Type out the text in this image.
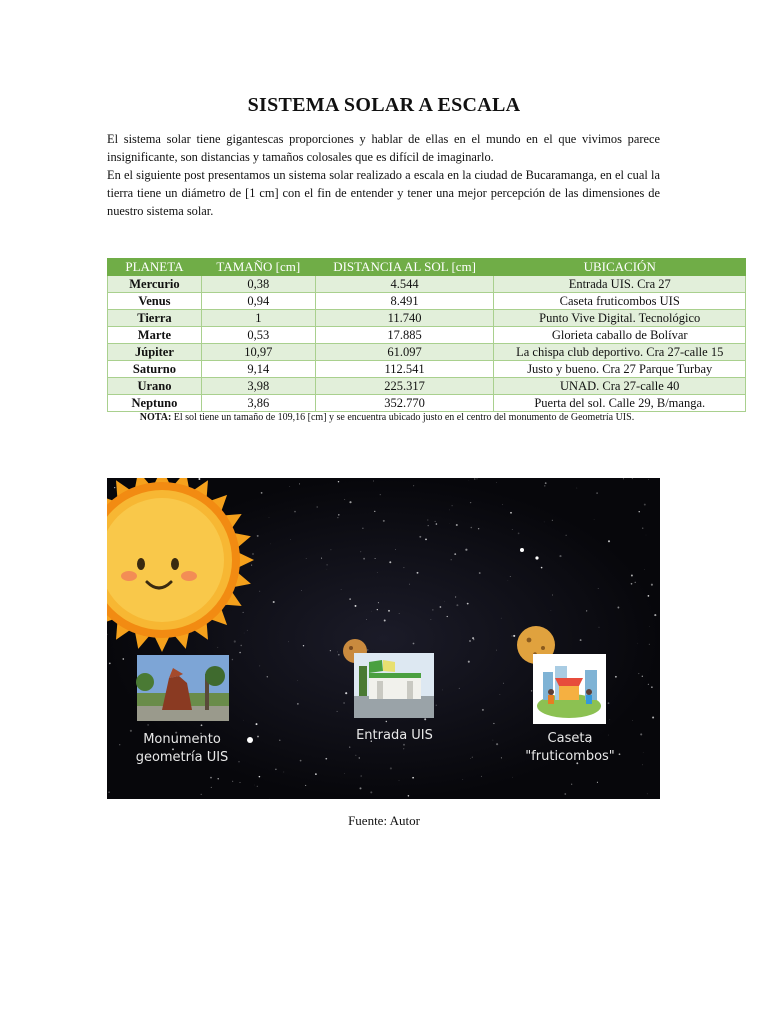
SISTEMA SOLAR A ESCALA

El sistema solar tiene gigantescas proporciones y hablar de ellas en el mundo en el que vivimos parece insignificante, son distancias y tamaños colosales que es difícil de imaginarlo.

En el siguiente post presentamos un sistema solar realizado a escala en la ciudad de Bucaramanga, en el cual la tierra tiene un diámetro de [1 cm] con el fin de entender y tener una mejor percepción de las dimensiones de nuestro sistema solar.

PLANETA	TAMAÑO [cm]	DISTANCIA AL SOL [cm]	UBICACIÓN
Mercurio	0,38	4.544	Entrada UIS. Cra 27
Venus	0,94	8.491	Caseta fruticombos UIS
Tierra	1	11.740	Punto Vive Digital. Tecnológico
Marte	0,53	17.885	Glorieta caballo de Bolívar
Júpiter	10,97	61.097	La chispa club deportivo. Cra 27-calle 15
Saturno	9,14	112.541	Justo y bueno. Cra 27 Parque Turbay
Urano	3,98	225.317	UNAD. Cra 27-calle 40
Neptuno	3,86	352.770	Puerta del sol. Calle 29, B/manga.
NOTA: El sol tiene un tamaño de 109,16 [cm] y se encuentra ubicado justo en el centro del monumento de Geometría UIS.
Monumento
geometría UIS
Entrada UIS	Caseta
"fruticombos"
Fuente: Autor
